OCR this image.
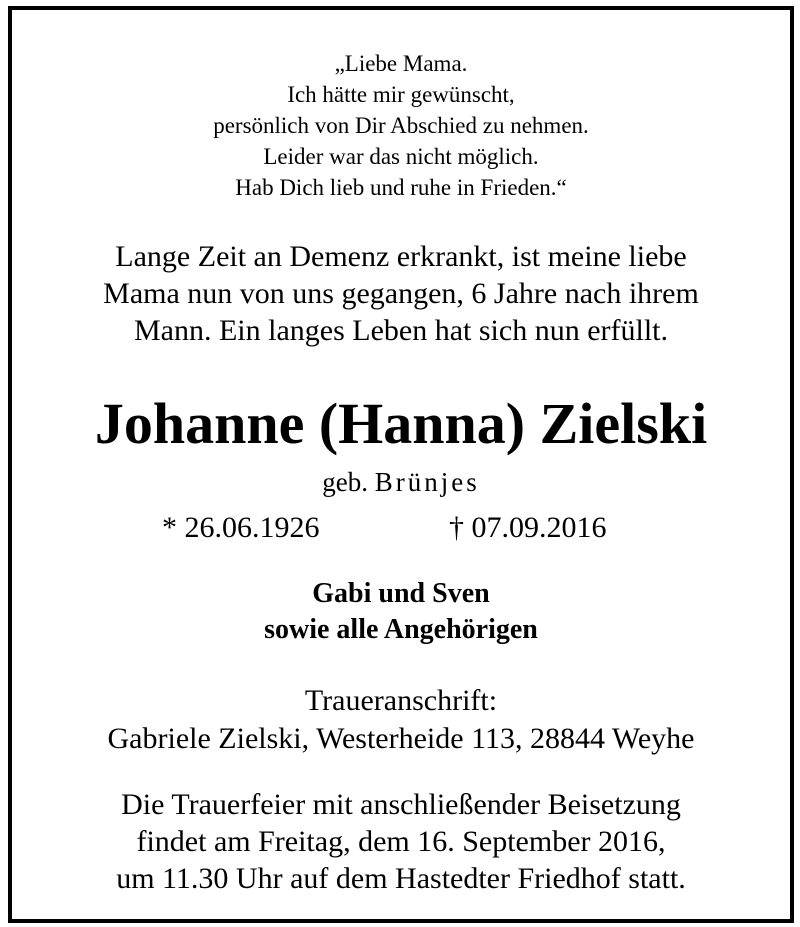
„Liebe Mama.
Ich hätte mir gewünscht,
persönlich von Dir Abschied zu nehmen.
Leider war das nicht möglich.
Hab Dich lieb und ruhe in Frieden.“
Lange Zeit an Demenz erkrankt, ist meine liebe
Mama nun von uns gegangen, 6 Jahre nach ihrem
Mann. Ein langes Leben hat sich nun erfüllt.
Johanne (Hanna) Zielski
geb. Brünjes
* 26.06.1926	† 07.09.2016
Gabi und Sven
sowie alle Angehörigen
Traueranschrift:
Gabriele Zielski, Westerheide 113, 28844 Weyhe
Die Trauerfeier mit anschließender Beisetzung
findet am Freitag, dem 16. September 2016,
um 11.30 Uhr auf dem Hastedter Friedhof statt.
